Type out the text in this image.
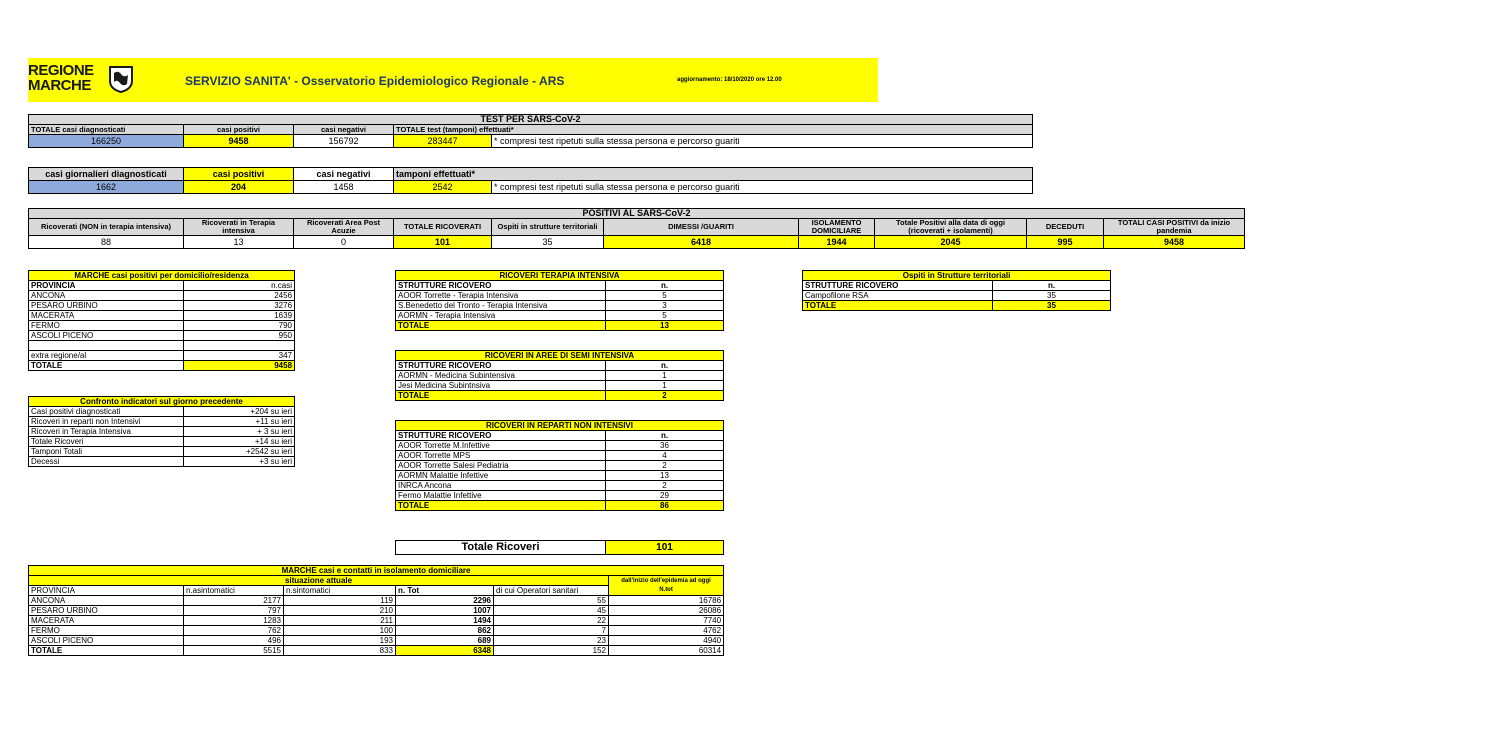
REGIONE
MARCHE	SERVIZIO SANITA' - Osservatorio Epidemiologico Regionale - ARS	aggiornamento: 18/10/2020 ore 12.00
TEST PER SARS-CoV-2				
TOTALE casi diagnosticati	casi positivi	casi negativi	TOTALE test (tamponi) effettuati*	
166250	9458	156792	283447	* compresi test ripetuti sulla stessa persona e percorso guariti
casi giornalieri diagnosticati	casi positivi	casi negativi	tamponi effettuati*	
1662	204	1458	2542	* compresi test ripetuti sulla stessa persona e percorso guariti
POSITIVI AL SARS-CoV-2									
Ricoverati (NON in terapia intensiva)	Ricoverati in Terapia intensiva	Ricoverati Area Post Acuzie	TOTALE RICOVERATI	Ospiti in strutture territoriali	DIMESSI /GUARITI	ISOLAMENTO DOMICILIARE	Totale Positivi alla data di oggi (ricoverati + isolamenti)	DECEDUTI	TOTALI CASI POSITIVI da inizio pandemia
88	13	0	101	35	6418	1944	2045	995	9458
MARCHE casi positivi per domicilio/residenza	
PROVINCIA	n.casi
ANCONA	2456
PESARO URBINO	3276
MACERATA	1639
FERMO	790
ASCOLI PICENO	950

extra regione/al	347
TOTALE	9458
Confronto indicatori sul giorno precedente	
Casi positivi diagnosticati	+204 su ieri
Ricoveri in reparti non Intensivi	+11 su ieri
Ricoveri in Terapia Intensiva	+ 3 su ieri
Totale Ricoveri	+14 su ieri
Tamponi Totali	+2542 su ieri
Decessi	+3 su ieri
RICOVERI TERAPIA INTENSIVA	
STRUTTURE RICOVERO	n.
AOOR Torrette - Terapia Intensiva	5
S.Benedetto del Tronto - Terapia Intensiva	3
AORMN - Terapia Intensiva	5
TOTALE	13
RICOVERI IN AREE DI SEMI INTENSIVA	
STRUTTURE RICOVERO	n.
AORMN - Medicina Subintensiva	1
Jesi Medicina Subintnsiva	1
TOTALE	2
RICOVERI IN REPARTI NON INTENSIVI	
STRUTTURE RICOVERO	n.
AOOR Torrette M.Infettive	36
AOOR Torrette MPS	4
AOOR Torrette Salesi Pediatria	2
AORMN Malattie Infettive	13
INRCA Ancona	2
Fermo Malattie Infettive	29
TOTALE	86
Totale Ricoveri	101
Ospiti in Strutture territoriali	
STRUTTURE RICOVERO	n.
Campofilone RSA	35
TOTALE	35
MARCHE casi e contatti in isolamento domiciliare					
situazione attuale					dall'inizio dell'epidemia ad oggi
N.tot

PROVINCIA	n.asintomatici	n.sintomatici	n. Tot	di cui Operatori sanitari	
ANCONA	2177	119	2296	55	16786
PESARO URBINO	797	210	1007	45	26086
MACERATA	1283	211	1494	22	7740
FERMO	762	100	862	7	4762
ASCOLI PICENO	496	193	689	23	4940
TOTALE	5515	833	6348	152	60314
